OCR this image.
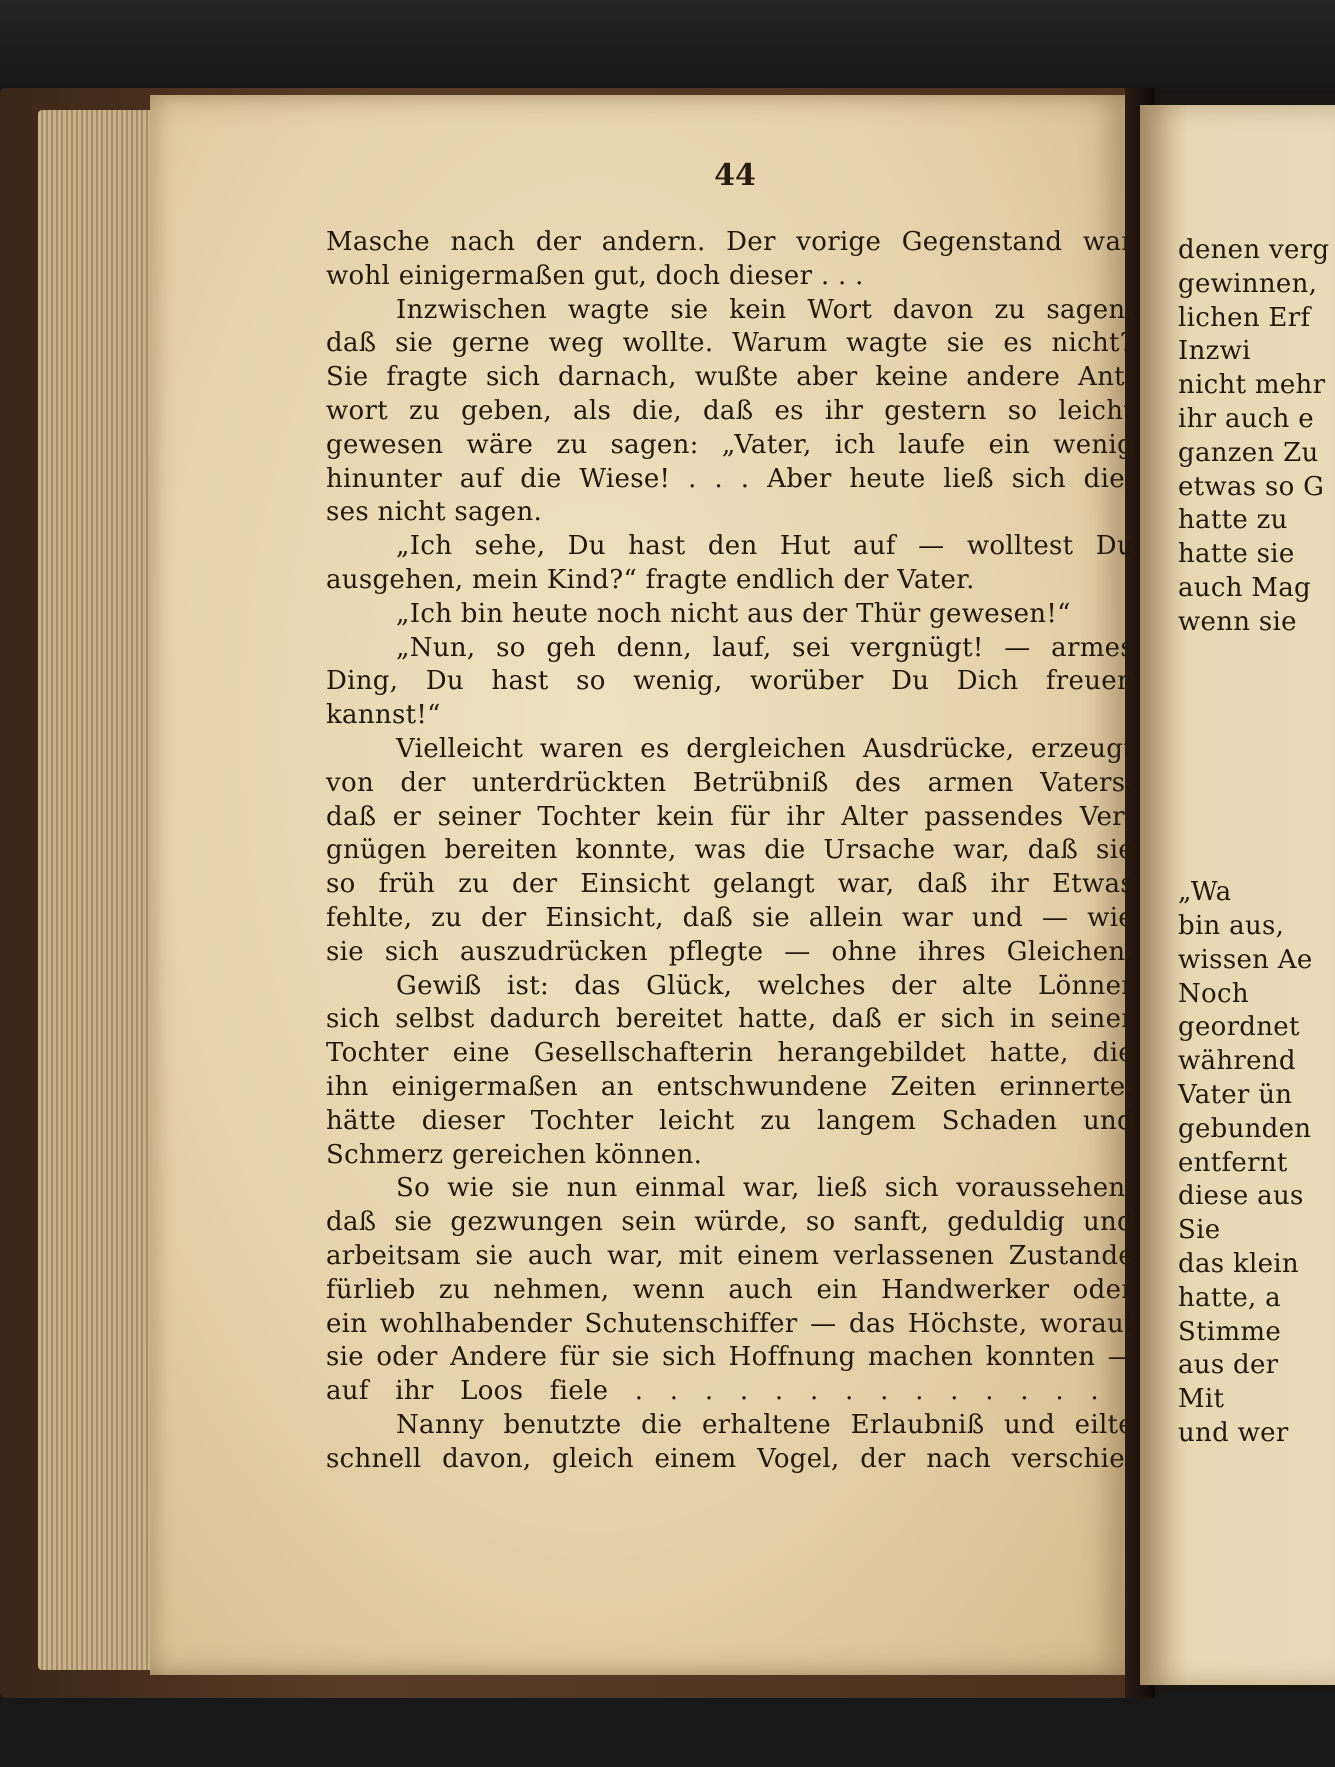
44
Masche nach der andern. Der vorige Gegenstand war
wohl einigermaßen gut, doch dieser . . .
Inzwischen wagte sie kein Wort davon zu sagen,
daß sie gerne weg wollte. Warum wagte sie es nicht?
Sie fragte sich darnach, wußte aber keine andere Ant-
wort zu geben, als die, daß es ihr gestern so leicht
gewesen wäre zu sagen: „Vater, ich laufe ein wenig
hinunter auf die Wiese! . . . Aber heute ließ sich die-
ses nicht sagen.
„Ich sehe, Du hast den Hut auf — wolltest Du
ausgehen, mein Kind?“ fragte endlich der Vater.
„Ich bin heute noch nicht aus der Thür gewesen!“
„Nun, so geh denn, lauf, sei vergnügt! — armes
Ding, Du hast so wenig, worüber Du Dich freuen
kannst!“
Vielleicht waren es dergleichen Ausdrücke, erzeugt
von der unterdrückten Betrübniß des armen Vaters,
daß er seiner Tochter kein für ihr Alter passendes Ver-
gnügen bereiten konnte, was die Ursache war, daß sie
so früh zu der Einsicht gelangt war, daß ihr Etwas
fehlte, zu der Einsicht, daß sie allein war und — wie
sie sich auszudrücken pflegte — ohne ihres Gleichen.
Gewiß ist: das Glück, welches der alte Lönner
sich selbst dadurch bereitet hatte, daß er sich in seiner
Tochter eine Gesellschafterin herangebildet hatte, die
ihn einigermaßen an entschwundene Zeiten erinnerte,
hätte dieser Tochter leicht zu langem Schaden und
Schmerz gereichen können.
So wie sie nun einmal war, ließ sich voraussehen,
daß sie gezwungen sein würde, so sanft, geduldig und
arbeitsam sie auch war, mit einem verlassenen Zustande
fürlieb zu nehmen, wenn auch ein Handwerker oder
ein wohlhabender Schutenschiffer — das Höchste, worauf
sie oder Andere für sie sich Hoffnung machen konnten —
auf ihr Loos fiele . . . . . . . . . . . . . . .
Nanny benutzte die erhaltene Erlaubniß und eilte
schnell davon, gleich einem Vogel, der nach verschie-
denen verg
gewinnen,
lichen Erf
Inzwi
nicht mehr
ihr auch e
ganzen Zu
etwas so G
hatte zu
hatte sie
auch Mag
wenn sie
„Wa
bin aus,
wissen Ae
Noch
geordnet
während
Vater ün
gebunden
entfernt
diese aus
Sie
das klein
hatte, a
Stimme
aus der
Mit
und wer
